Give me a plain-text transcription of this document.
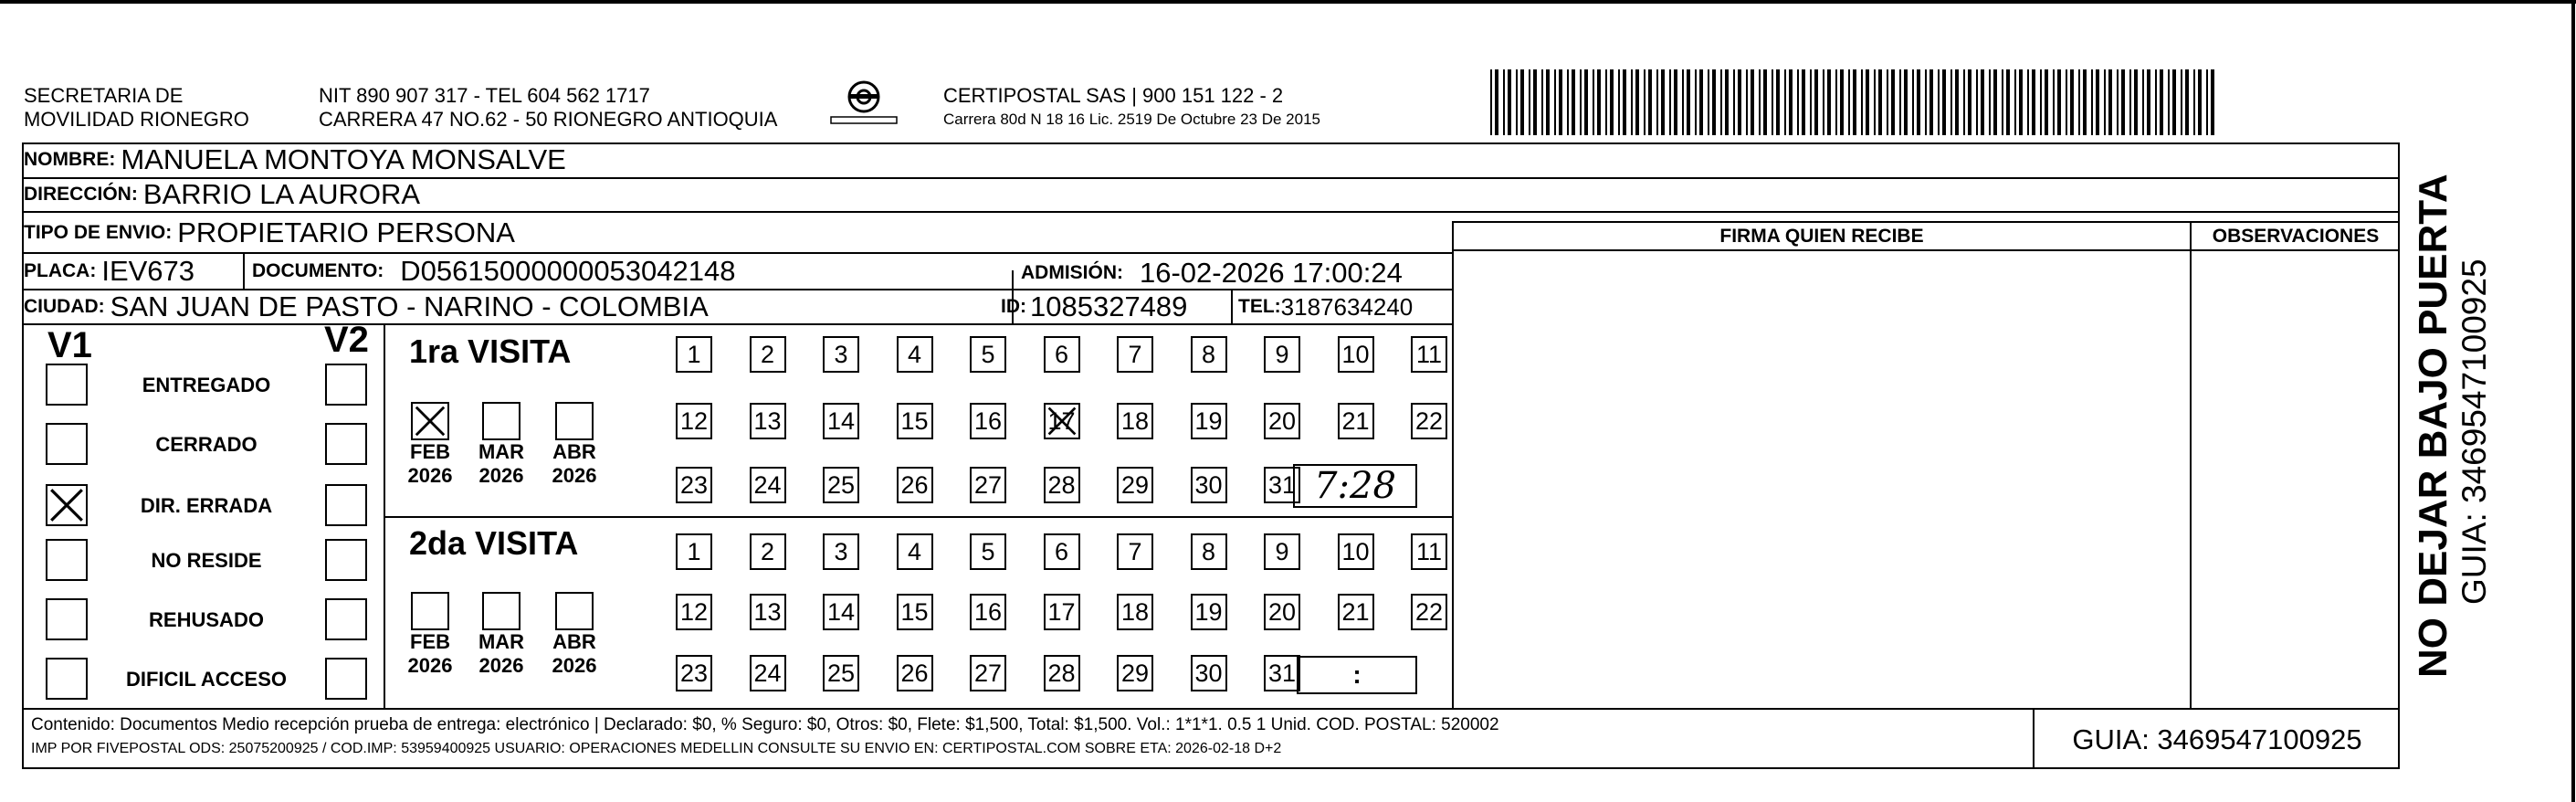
SECRETARIA DE
MOVILIDAD RIONEGRO
NIT 890 907 317 - TEL 604 562 1717
CARRERA 47 NO.62 - 50 RIONEGRO ANTIOQUIA
CERTIPOSTAL SAS | 900 151 122 - 2
Carrera 80d N 18 16 Lic. 2519 De Octubre 23 De 2015
NOMBRE: MANUELA MONTOYA MONSALVE
DIRECCIÓN: BARRIO LA AURORA
TIPO DE ENVIO: PROPIETARIO PERSONA
PLACA: IEV673	DOCUMENTO: D05615000000053042148	ADMISIÓN: 16-02-2026 17:00:24
CIUDAD: SAN JUAN DE PASTO - NARINO - COLOMBIA	ID: 1085327489	TEL: 3187634240
FIRMA QUIEN RECIBE	OBSERVACIONES
V1	V2
ENTREGADO
CERRADO
DIR. ERRADA
NO RESIDE
REHUSADO
DIFICIL ACCESO
1ra VISITA
2da VISITA
FEB
2026
MAR
2026
ABR
2026
FEB
2026
MAR
2026
ABR
2026
1 2 3 4 5 6 7 8 9 10 11
12 13 14 15 16 17 18 19 20 21 22
23 24 25 26 27 28 29 30 31
1 2 3 4 5 6 7 8 9 10 11
12 13 14 15 16 17 18 19 20 21 22
23 24 25 26 27 28 29 30 31
7:28
:
Contenido: Documentos Medio recepción prueba de entrega: electrónico | Declarado: $0, % Seguro: $0, Otros: $0, Flete: $1,500, Total: $1,500. Vol.: 1*1*1. 0.5 1 Unid. COD. POSTAL: 520002
IMP POR FIVEPOSTAL ODS: 25075200925 / COD.IMP: 53959400925 USUARIO: OPERACIONES MEDELLIN CONSULTE SU ENVIO EN: CERTIPOSTAL.COM SOBRE ETA: 2026-02-18 D+2	GUIA: 3469547100925
NO DEJAR BAJO PUERTA GUIA: 3469547100925
